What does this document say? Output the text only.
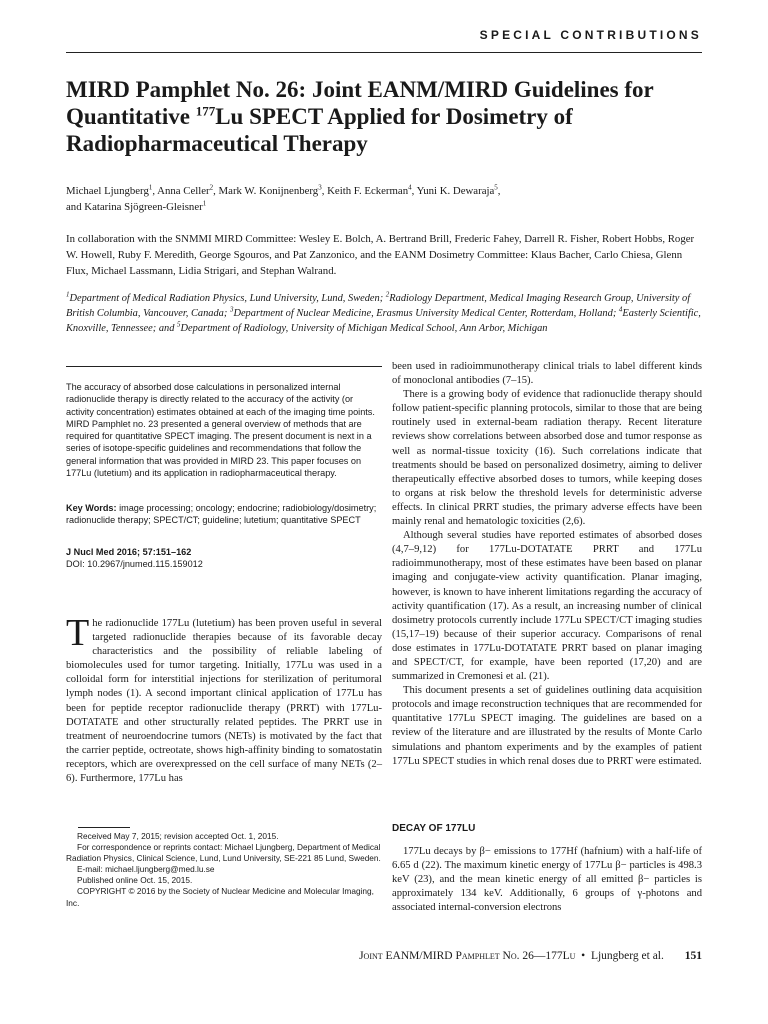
SPECIAL CONTRIBUTIONS
MIRD Pamphlet No. 26: Joint EANM/MIRD Guidelines for
Quantitative $^{177}$Lu SPECT Applied for Dosimetry of
Radiopharmaceutical Therapy
Michael Ljungberg$^1$, Anna Celler$^2$, Mark W. Konijnenberg$^3$, Keith F. Eckerman$^4$, Yuni K. Dewaraja$^5$,
and Katarina Sjögreen-Gleisner$^1$
In collaboration with the SNMMI MIRD Committee: Wesley E. Bolch, A. Bertrand Brill, Frederic Fahey, Darrell R. Fisher, Robert Hobbs, Roger W. Howell, Ruby F. Meredith, George Sgouros, and Pat Zanzonico, and the EANM Dosimetry Committee: Klaus Bacher, Carlo Chiesa, Glenn Flux, Michael Lassmann, Lidia Strigari, and Stephan Walrand.
$^1$Department of Medical Radiation Physics, Lund University, Lund, Sweden; $^2$Radiology Department, Medical Imaging Research Group, University of British Columbia, Vancouver, Canada; $^3$Department of Nuclear Medicine, Erasmus University Medical Center, Rotterdam, Holland; $^4$Easterly Scientific, Knoxville, Tennessee; and $^5$Department of Radiology, University of Michigan Medical School, Ann Arbor, Michigan
The accuracy of absorbed dose calculations in personalized internal radionuclide therapy is directly related to the accuracy of the activity (or activity concentration) estimates obtained at each of the imaging time points. MIRD Pamphlet no. 23 presented a general overview of methods that are required for quantitative SPECT imaging. The present document is next in a series of isotope-specific guidelines and recommendations that follow the general information that was provided in MIRD 23. This paper focuses on 177Lu (lutetium) and its application in radiopharmaceutical therapy.
Key Words: image processing; oncology; endocrine; radiobiology/dosimetry; radionuclide therapy; SPECT/CT; guideline; lutetium; quantitative SPECT
J Nucl Med 2016; 57:151–162
DOI: 10.2967/jnumed.115.159012
The radionuclide 177Lu (lutetium) has been proven useful in several targeted radionuclide therapies because of its favorable decay characteristics and the possibility of reliable labeling of biomolecules used for tumor targeting. Initially, 177Lu was used in a colloidal form for interstitial injections for sterilization of peritumoral lymph nodes (1). A second important clinical application of 177Lu has been for peptide receptor radionuclide therapy (PRRT) with 177Lu-DOTATATE and other structurally related peptides. The PRRT use in treatment of neuroendocrine tumors (NETs) is motivated by the fact that the carrier peptide, octreotate, shows high-affinity binding to somatostatin receptors, which are overexpressed on the cell surface of many NETs (2–6). Furthermore, 177Lu has
Received May 7, 2015; revision accepted Oct. 1, 2015.
For correspondence or reprints contact: Michael Ljungberg, Department of Medical Radiation Physics, Clinical Science, Lund, Lund University, SE-221 85 Lund, Sweden.
E-mail: michael.ljungberg@med.lu.se
Published online Oct. 15, 2015.
COPYRIGHT © 2016 by the Society of Nuclear Medicine and Molecular Imaging, Inc.
been used in radioimmunotherapy clinical trials to label different kinds of monoclonal antibodies (7–15).
There is a growing body of evidence that radionuclide therapy should follow patient-specific planning protocols, similar to those that are being routinely used in external-beam radiation therapy. Recent literature reviews show correlations between absorbed dose and tumor response as well as normal-tissue toxicity (16). Such correlations indicate that treatments should be based on personalized dosimetry, aiming to deliver therapeutically effective absorbed doses to tumors, while keeping doses to organs at risk below the threshold levels for deterministic adverse effects. In clinical PRRT studies, the primary adverse effects have been mainly renal and hematologic toxicities (2,6).
Although several studies have reported estimates of absorbed doses (4,7–9,12) for 177Lu-DOTATATE PRRT and 177Lu radioimmunotherapy, most of these estimates have been based on planar imaging and conjugate-view activity quantification. Planar imaging, however, is known to have inherent limitations regarding the accuracy of activity quantification (17). As a result, an increasing number of clinical dosimetry protocols currently include 177Lu SPECT/CT imaging studies (15,17–19) because of their superior accuracy. Comparisons of renal dose estimates in 177Lu-DOTATATE PRRT based on planar imaging and SPECT/CT, for example, have been reported (17,20) and are summarized in Cremonesi et al. (21).
This document presents a set of guidelines outlining data acquisition protocols and image reconstruction techniques that are recommended for quantitative 177Lu SPECT imaging. The guidelines are based on a review of the literature and are illustrated by the results of Monte Carlo simulations and phantom experiments and by the examples of patient 177Lu SPECT studies in which renal doses due to PRRT were estimated.
DECAY OF 177LU
177Lu decays by β− emissions to 177Hf (hafnium) with a half-life of 6.65 d (22). The maximum kinetic energy of 177Lu β− particles is 498.3 keV (23), and the mean kinetic energy of all emitted β− particles is approximately 134 keV. Additionally, 6 groups of γ-photons and associated internal-conversion electrons
Joint EANM/MIRD Pamphlet No. 26—177Lu • Ljungberg et al. 151
